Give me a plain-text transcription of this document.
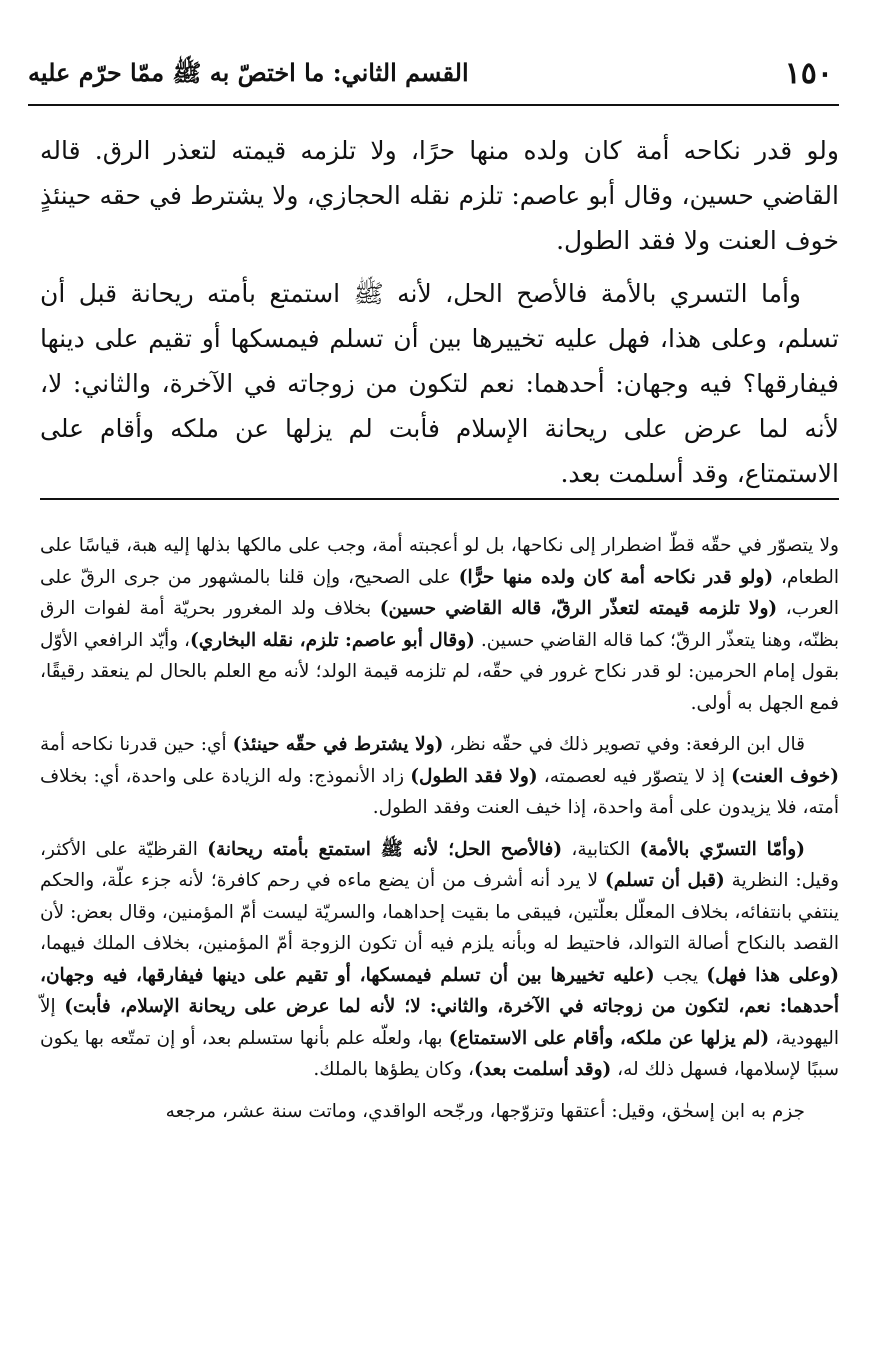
١٥٠
القسم الثاني: ما اختصّ به ﷺ ممّا حرّم عليه

ولو قدر نكاحه أمة كان ولده منها حرًا، ولا تلزمه قيمته لتعذر الرق. قاله القاضي حسين، وقال أبو عاصم: تلزم نقله الحجازي، ولا يشترط في حقه حينئذٍ خوف العنت ولا فقد الطول.

وأما التسري بالأمة فالأصح الحل، لأنه ﷺ استمتع بأمته ريحانة قبل أن تسلم، وعلى هذا، فهل عليه تخييرها بين أن تسلم فيمسكها أو تقيم على دينها فيفارقها؟ فيه وجهان: أحدهما: نعم لتكون من زوجاته في الآخرة، والثاني: لا، لأنه لما عرض على ريحانة الإسلام فأبت لم يزلها عن ملكه وأقام على الاستمتاع، وقد أسلمت بعد.

ولا يتصوّر في حقّه قطّ اضطرار إلى نكاحها، بل لو أعجبته أمة، وجب على مالكها بذلها إليه هبة، قياسًا على الطعام، (ولو قدر نكاحه أمة كان ولده منها حرًّا) على الصحيح، وإن قلنا بالمشهور من جرى الرقّ على العرب، (ولا تلزمه قيمته لتعذّر الرقّ، قاله القاضي حسين) بخلاف ولد المغرور بحريّة أمة لفوات الرق بظنّه، وهنا يتعذّر الرقّ؛ كما قاله القاضي حسين. (وقال أبو عاصم: تلزم، نقله البخاري)، وأيّد الرافعي الأوّل بقول إمام الحرمين: لو قدر نكاح غرور في حقّه، لم تلزمه قيمة الولد؛ لأنه مع العلم بالحال لم ينعقد رقيقًا، فمع الجهل به أولى.

قال ابن الرفعة: وفي تصوير ذلك في حقّه نظر، (ولا يشترط في حقّه حينئذ) أي: حين قدرنا نكاحه أمة (خوف العنت) إذ لا يتصوّر فيه لعصمته، (ولا فقد الطول) زاد الأنموذج: وله الزيادة على واحدة، أي: بخلاف أمته، فلا يزيدون على أمة واحدة، إذا خيف العنت وفقد الطول.

(وأمّا التسرّي بالأمة) الكتابية، (فالأصح الحل؛ لأنه ﷺ استمتع بأمته ريحانة) القرظيّة على الأكثر، وقيل: النظرية (قبل أن تسلم) لا يرد أنه أشرف من أن يضع ماءه في رحم كافرة؛ لأنه جزء علّة، والحكم ينتفي بانتفائه، بخلاف المعلّل بعلّتين، فيبقى ما بقيت إحداهما، والسريّة ليست أمّ المؤمنين، وقال بعض: لأن القصد بالنكاح أصالة التوالد، فاحتيط له وبأنه يلزم فيه أن تكون الزوجة أمّ المؤمنين، بخلاف الملك فيهما، (وعلى هذا فهل) يجب (عليه تخييرها بين أن تسلم فيمسكها، أو تقيم على دينها فيفارقها، فيه وجهان، أحدهما: نعم، لتكون من زوجاته في الآخرة، والثاني: لا؛ لأنه لما عرض على ريحانة الإسلام، فأبت) إلاّ اليهودية، (لم يزلها عن ملكه، وأقام على الاستمتاع) بها، ولعلّه علم بأنها ستسلم بعد، أو إن تمتّعه بها يكون سببًا لإسلامها، فسهل ذلك له، (وقد أسلمت بعد)، وكان يطؤها بالملك.

جزم به ابن إسحٰق، وقيل: أعتقها وتزوّجها، ورجّحه الواقدي، وماتت سنة عشر، مرجعه
